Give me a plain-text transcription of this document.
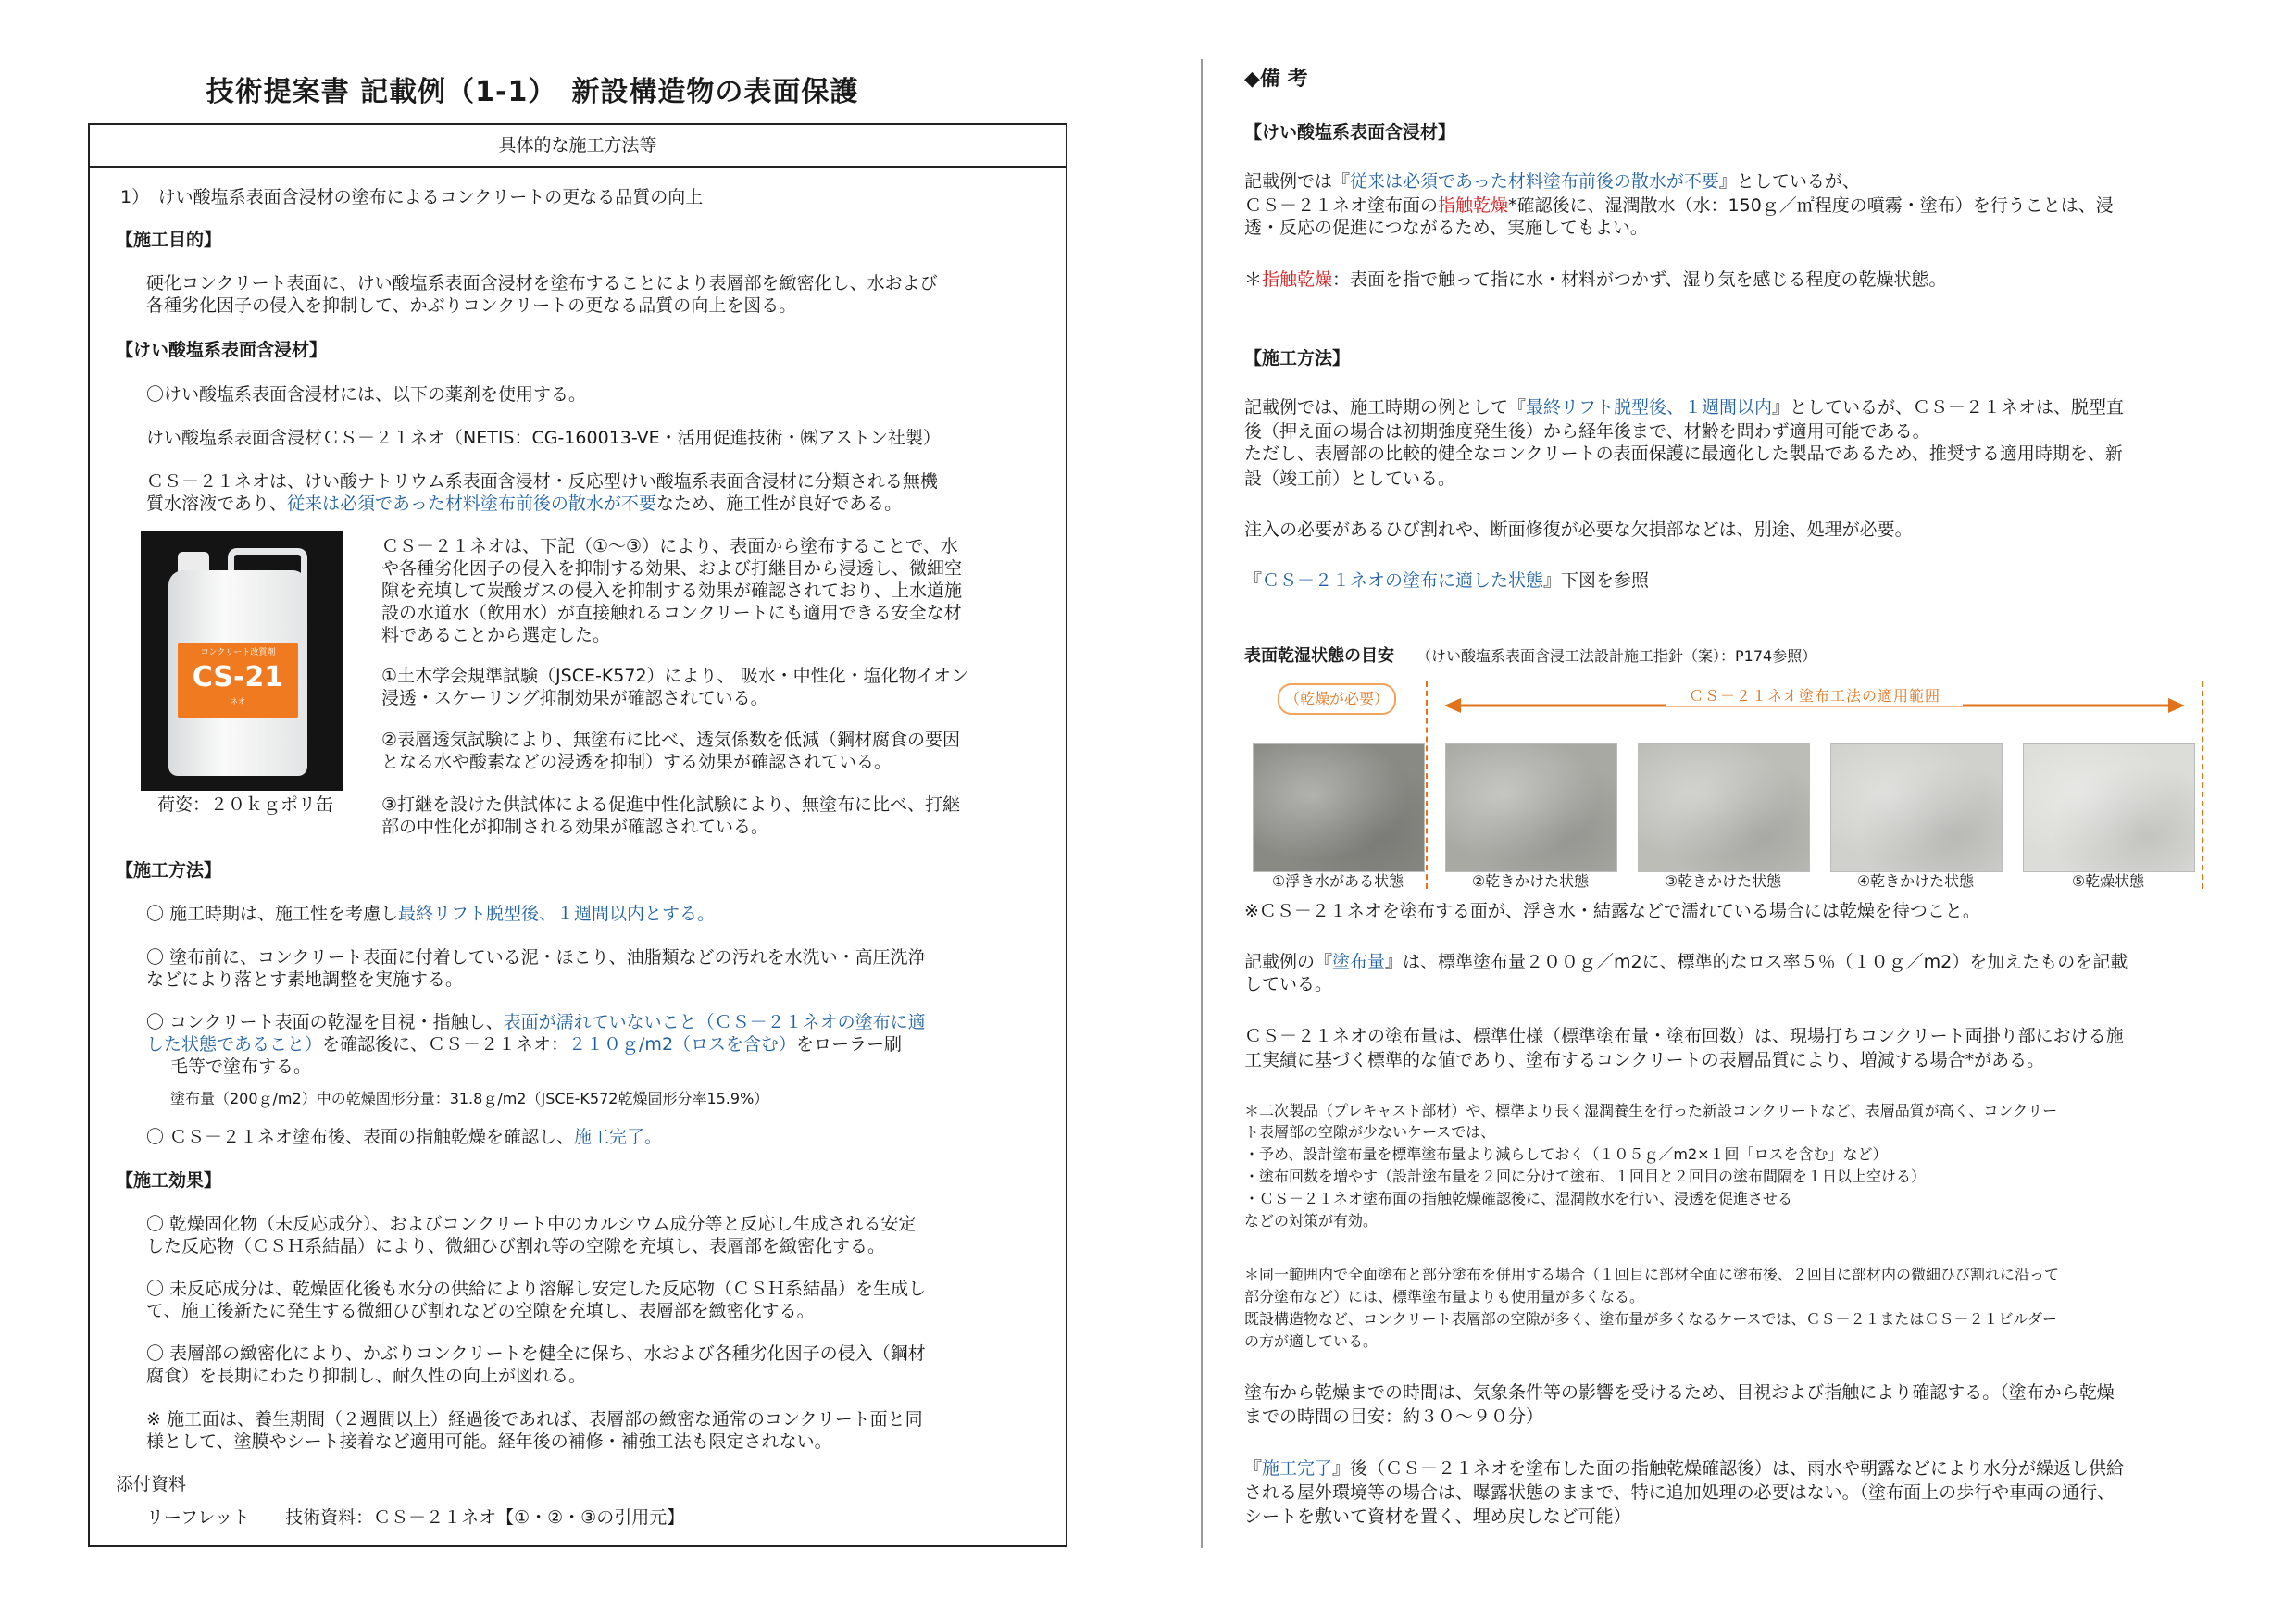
技術提案書 記載例（1-1）　新設構造物の表面保護
具体的な施工方法等

1）　けい酸塩系表面含浸材の塗布によるコンクリートの更なる品質の向上

【施工目的】

硬化コンクリート表面に、けい酸塩系表面含浸材を塗布することにより表層部を緻密化し、水および

各種劣化因子の侵入を抑制して、かぶりコンクリートの更なる品質の向上を図る。

【けい酸塩系表面含浸材】

〇けい酸塩系表面含浸材には、以下の薬剤を使用する。

けい酸塩系表面含浸材ＣＳ－２１ネオ（NETIS：CG-160013-VE・活用促進技術・㈱アストン社製）

ＣＳ－２１ネオは、けい酸ナトリウム系表面含浸材・反応型けい酸塩系表面含浸材に分類される無機

質水溶液であり、従来は必須であった材料塗布前後の散水が不要なため、施工性が良好である。

コンクリート改質剤
CS-21
ネオ

荷姿：２０ｋｇポリ缶

ＣＳ－２１ネオは、下記（①～③）により、表面から塗布することで、水

や各種劣化因子の侵入を抑制する効果、および打継目から浸透し、微細空

隙を充填して炭酸ガスの侵入を抑制する効果が確認されており、上水道施

設の水道水（飲用水）が直接触れるコンクリートにも適用できる安全な材

料であることから選定した。

①土木学会規準試験（JSCE-K572）により、 吸水・中性化・塩化物イオン

浸透・スケーリング抑制効果が確認されている。

②表層透気試験により、無塗布に比べ、透気係数を低減（鋼材腐食の要因

となる水や酸素などの浸透を抑制）する効果が確認されている。

③打継を設けた供試体による促進中性化試験により、無塗布に比べ、打継

部の中性化が抑制される効果が確認されている。

【施工方法】

〇 施工時期は、施工性を考慮し最終リフト脱型後、１週間以内とする。

〇 塗布前に、コンクリート表面に付着している泥・ほこり、油脂類などの汚れを水洗い・高圧洗浄

などにより落とす素地調整を実施する。

〇 コンクリート表面の乾湿を目視・指触し、表面が濡れていないこと（ＣＳ－２１ネオの塗布に適

した状態であること）を確認後に、ＣＳ－２１ネオ：２１０ｇ/m2（ロスを含む）をローラー刷

毛等で塗布する。

塗布量（200ｇ/m2）中の乾燥固形分量：31.8ｇ/m2（JSCE-K572乾燥固形分率15.9%）

〇 ＣＳ－２１ネオ塗布後、表面の指触乾燥を確認し、施工完了。

【施工効果】

〇 乾燥固化物（未反応成分）、およびコンクリート中のカルシウム成分等と反応し生成される安定

した反応物（ＣＳＨ系結晶）により、微細ひび割れ等の空隙を充填し、表層部を緻密化する。

〇 未反応成分は、乾燥固化後も水分の供給により溶解し安定した反応物（ＣＳＨ系結晶）を生成し

て、施工後新たに発生する微細ひび割れなどの空隙を充填し、表層部を緻密化する。

〇 表層部の緻密化により、かぶりコンクリートを健全に保ち、水および各種劣化因子の侵入（鋼材

腐食）を長期にわたり抑制し、耐久性の向上が図れる。

※ 施工面は、養生期間（２週間以上）経過後であれば、表層部の緻密な通常のコンクリート面と同

様として、塗膜やシート接着など適用可能。経年後の補修・補強工法も限定されない。

添付資料

リーフレット　　技術資料：ＣＳ－２１ネオ【①・②・③の引用元】

◆備 考

【けい酸塩系表面含浸材】

記載例では『従来は必須であった材料塗布前後の散水が不要』としているが、

ＣＳ－２１ネオ塗布面の指触乾燥*確認後に、湿潤散水（水：150ｇ／㎡程度の噴霧・塗布）を行うことは、浸

透・反応の促進につながるため、実施してもよい。

＊指触乾燥：表面を指で触って指に水・材料がつかず、湿り気を感じる程度の乾燥状態。

【施工方法】

記載例では、施工時期の例として『最終リフト脱型後、１週間以内』としているが、ＣＳ－２１ネオは、脱型直

後（押え面の場合は初期強度発生後）から経年後まで、材齢を問わず適用可能である。

ただし、表層部の比較的健全なコンクリートの表面保護に最適化した製品であるため、推奨する適用時期を、新

設（竣工前）としている。

注入の必要があるひび割れや、断面修復が必要な欠損部などは、別途、処理が必要。

『ＣＳ－２１ネオの塗布に適した状態』下図を参照

表面乾湿状態の目安 （けい酸塩系表面含浸工法設計施工指針（案）：P174参照）
（乾燥が必要）	ＣＳ－２１ネオ塗布工法の適用範囲
①浮き水がある状態	②乾きかけた状態	③乾きかけた状態	④乾きかけた状態	⑤乾燥状態

※ＣＳ－２１ネオを塗布する面が、浮き水・結露などで濡れている場合には乾燥を待つこと。

記載例の『塗布量』は、標準塗布量２００ｇ／m2に、標準的なロス率５％（１０ｇ／m2）を加えたものを記載

している。

ＣＳ－２１ネオの塗布量は、標準仕様（標準塗布量・塗布回数）は、現場打ちコンクリート両掛り部における施

工実績に基づく標準的な値であり、塗布するコンクリートの表層品質により、増減する場合*がある。

＊二次製品（プレキャスト部材）や、標準より長く湿潤養生を行った新設コンクリートなど、表層品質が高く、コンクリー

ト表層部の空隙が少ないケースでは、

・予め、設計塗布量を標準塗布量より減らしておく（１０５ｇ／m2×１回「ロスを含む」など）

・塗布回数を増やす（設計塗布量を２回に分けて塗布、１回目と２回目の塗布間隔を１日以上空ける）

・ＣＳ－２１ネオ塗布面の指触乾燥確認後に、湿潤散水を行い、浸透を促進させる

などの対策が有効。

＊同一範囲内で全面塗布と部分塗布を併用する場合（１回目に部材全面に塗布後、２回目に部材内の微細ひび割れに沿って

部分塗布など）には、標準塗布量よりも使用量が多くなる。

既設構造物など、コンクリート表層部の空隙が多く、塗布量が多くなるケースでは、ＣＳ－２１またはＣＳ－２１ビルダー

の方が適している。

塗布から乾燥までの時間は、気象条件等の影響を受けるため、目視および指触により確認する。（塗布から乾燥

までの時間の目安：約３０～９０分）

『施工完了』後（ＣＳ－２１ネオを塗布した面の指触乾燥確認後）は、雨水や朝露などにより水分が繰返し供給

される屋外環境等の場合は、曝露状態のままで、特に追加処理の必要はない。（塗布面上の歩行や車両の通行、

シートを敷いて資材を置く、埋め戻しなど可能）
